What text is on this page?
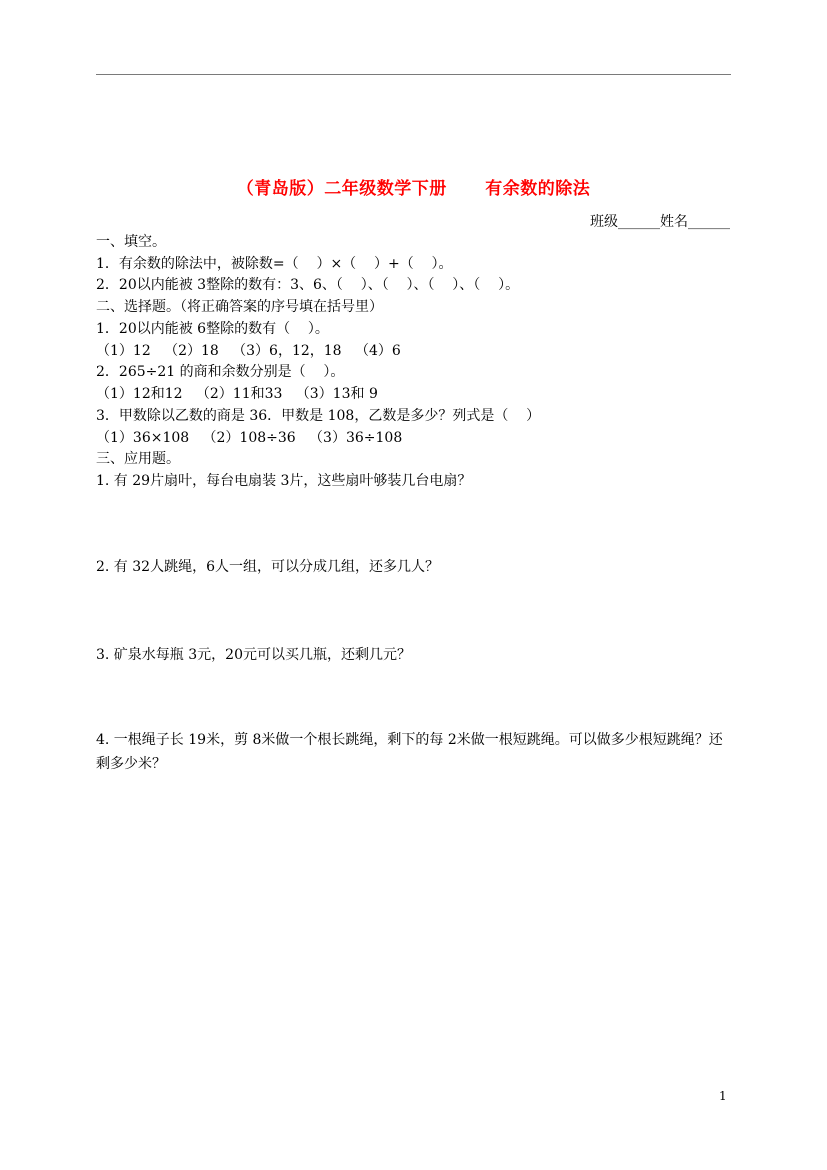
（青岛版）二年级数学下册      有余数的除法
班级______姓名______
一、填空。
1．有余数的除法中，被除数=（    ）×（    ）+（    ）。
2．20以内能被 3整除的数有：3、6、（    ）、（    ）、（    ）、（    ）。
二、选择题。（将正确答案的序号填在括号里）
1．20以内能被 6整除的数有（    ）。
（1）12   （2）18   （3）6，12，18   （4）6
2．265÷21 的商和余数分别是（    ）。
（1）12和12   （2）11和33   （3）13和 9
3．甲数除以乙数的商是 36．甲数是 108，乙数是多少？列式是（    ）
（1）36×108   （2）108÷36   （3）36÷108
三、应用题。
1. 有 29片扇叶，每台电扇装 3片，这些扇叶够装几台电扇？
2. 有 32人跳绳，6人一组，可以分成几组，还多几人？
3. 矿泉水每瓶 3元，20元可以买几瓶，还剩几元？
4. 一根绳子长 19米，剪 8米做一个根长跳绳，剩下的每 2米做一根短跳绳。可以做多少根短跳绳？还剩多少米？
1
